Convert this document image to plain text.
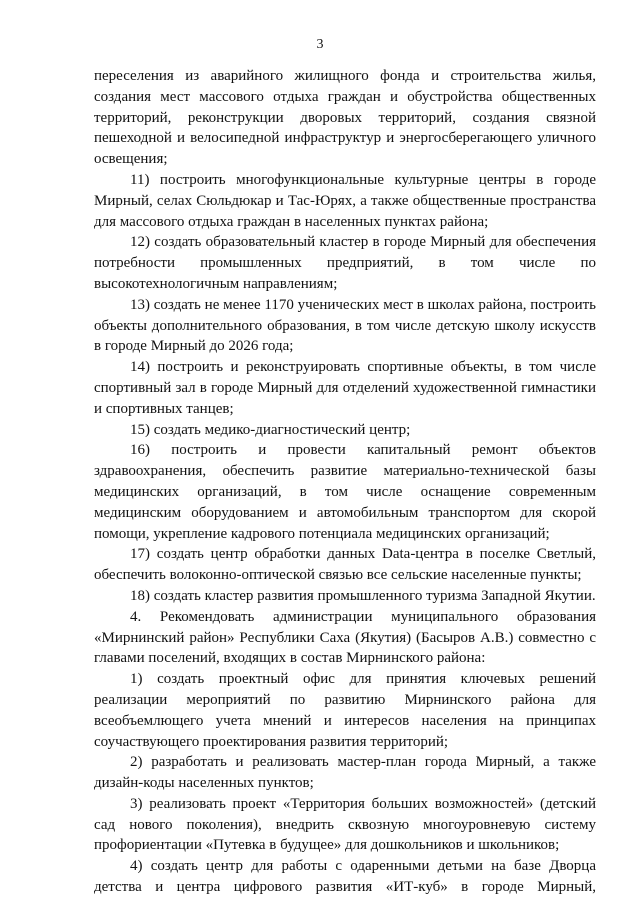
3

переселения из аварийного жилищного фонда и строительства жилья, создания мест массового отдыха граждан и обустройства общественных территорий, реконструкции дворовых территорий, создания связной пешеходной и велосипедной инфраструктур и энергосберегающего уличного освещения;

11) построить многофункциональные культурные центры в городе Мирный, селах Сюльдюкар и Тас-Юрях, а также общественные пространства для массового отдыха граждан в населенных пунктах района;

12) создать образовательный кластер в городе Мирный для обеспечения потребности промышленных предприятий, в том числе по высокотехнологичным направлениям;

13) создать не менее 1170 ученических мест в школах района, построить объекты дополнительного образования, в том числе детскую школу искусств в городе Мирный до 2026 года;

14) построить и реконструировать спортивные объекты, в том числе спортивный зал в городе Мирный для отделений художественной гимнастики и спортивных танцев;

15) создать медико-диагностический центр;

16) построить и провести капитальный ремонт объектов здравоохранения, обеспечить развитие материально-технической базы медицинских организаций, в том числе оснащение современным медицинским оборудованием и автомобильным транспортом для скорой помощи, укрепление кадрового потенциала медицинских организаций;

17) создать центр обработки данных Data-центра в поселке Светлый, обеспечить волоконно-оптической связью все сельские населенные пункты;

18) создать кластер развития промышленного туризма Западной Якутии.

4. Рекомендовать администрации муниципального образования «Мирнинский район» Республики Саха (Якутия) (Басыров А.В.) совместно с главами поселений, входящих в состав Мирнинского района:

1) создать проектный офис для принятия ключевых решений реализации мероприятий по развитию Мирнинского района для всеобъемлющего учета мнений и интересов населения на принципах соучаствующего проектирования развития территорий;

2) разработать и реализовать мастер-план города Мирный, а также дизайн-коды населенных пунктов;

3) реализовать проект «Территория больших возможностей» (детский сад нового поколения), внедрить сквозную многоуровневую систему профориентации «Путевка в будущее» для дошкольников и школьников;

4) создать центр для работы с одаренными детьми на базе Дворца детства и центра цифрового развития «ИТ-куб» в городе Мирный,
